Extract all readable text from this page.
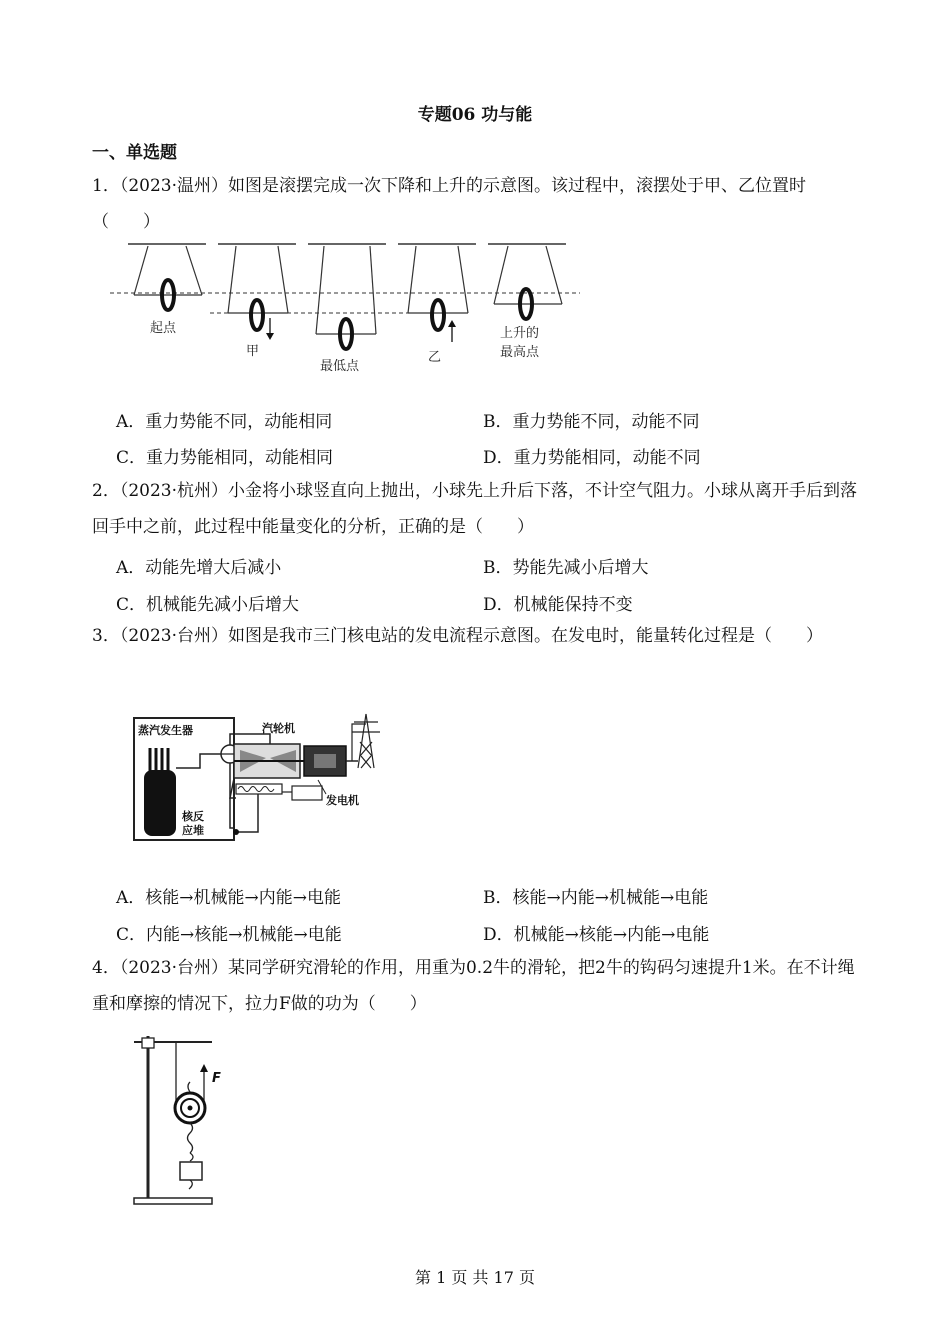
专题06 功与能
一、单选题
1．（2023·温州）如图是滚摆完成一次下降和上升的示意图。该过程中，滚摆处于甲、乙位置时（　　）
起点
甲
最低点
乙
上升的
最高点
A．重力势能不同，动能相同	B．重力势能不同，动能不同
C．重力势能相同，动能相同	D．重力势能相同，动能不同
2．（2023·杭州）小金将小球竖直向上抛出，小球先上升后下落，不计空气阻力。小球从离开手后到落回手中之前，此过程中能量变化的分析，正确的是（　　）
A．动能先增大后减小	B．势能先减小后增大
C．机械能先减小后增大	D．机械能保持不变
3．（2023·台州）如图是我市三门核电站的发电流程示意图。在发电时，能量转化过程是（　　）
蒸汽发生器
核反
应堆
汽轮机
发电机
A．核能→机械能→内能→电能	B．核能→内能→机械能→电能
C．内能→核能→机械能→电能	D．机械能→核能→内能→电能
4．（2023·台州）某同学研究滑轮的作用，用重为0.2牛的滑轮，把2牛的钩码匀速提升1米。在不计绳重和摩擦的情况下，拉力F做的功为（　　）
F
第 1 页 共 17 页
